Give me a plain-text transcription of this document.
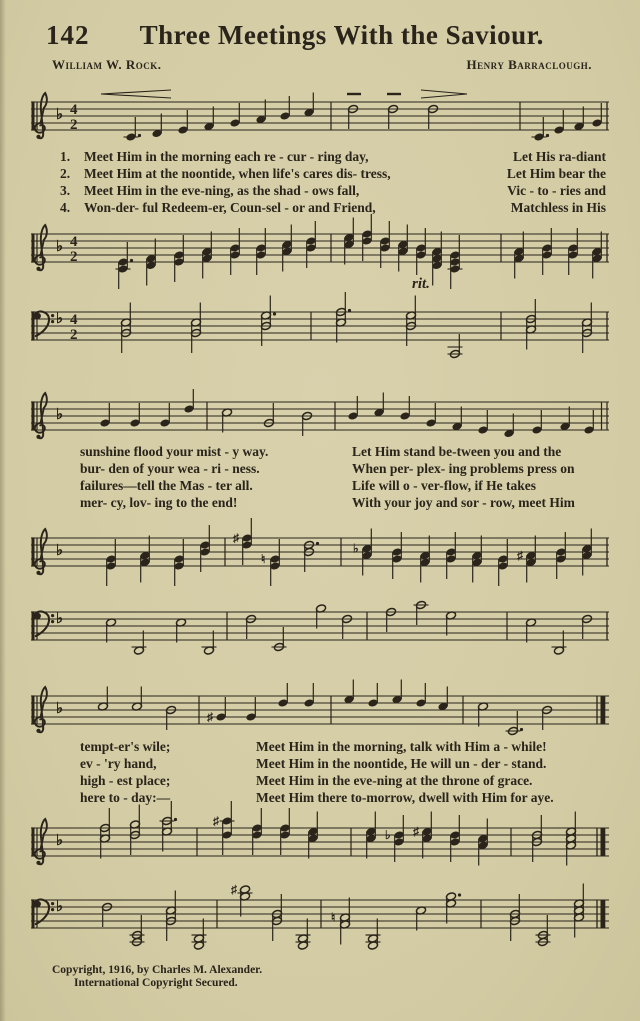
142 Three Meetings With the Saviour.
William W. Rock.	Henry Barraclough.
♭ 4
2
1.	Meet Him in the morning each re - cur - ring day,	Let His ra-diant
2.	Meet Him at the noontide, when life's cares dis- tress,	Let Him bear the
3.	Meet Him in the eve-ning, as the shad - ows fall,	Vic - to - ries and
4.	Won-der- ful Redeem-er, Coun-sel - or and Friend,	Matchless in His
♭ 4
2
rit.
♭ 4
2
♭
sunshine flood your mist - y way.	Let Him stand be-tween you and the
bur- den of your wea - ri - ness.	When per- plex- ing problems press on
failures—tell the Mas - ter all.	Life will o - ver-flow, if He takes
mer- cy, lov- ing to the end!	With your joy and sor - row, meet Him
♭
♯
♮
♭	♯
♭
♭	♯
tempt-er's wile;	Meet Him in the morning, talk with Him a - while!
ev - 'ry hand,	Meet Him in the noontide, He will un - der - stand.
high - est place;	Meet Him in the eve-ning at the throne of grace.
here to - day:—	Meet Him there to-morrow, dwell with Him for aye.
♭
♯
♭ ♯
♭
♯
♮
Copyright, 1916, by Charles M. Alexander.
International Copyright Secured.
